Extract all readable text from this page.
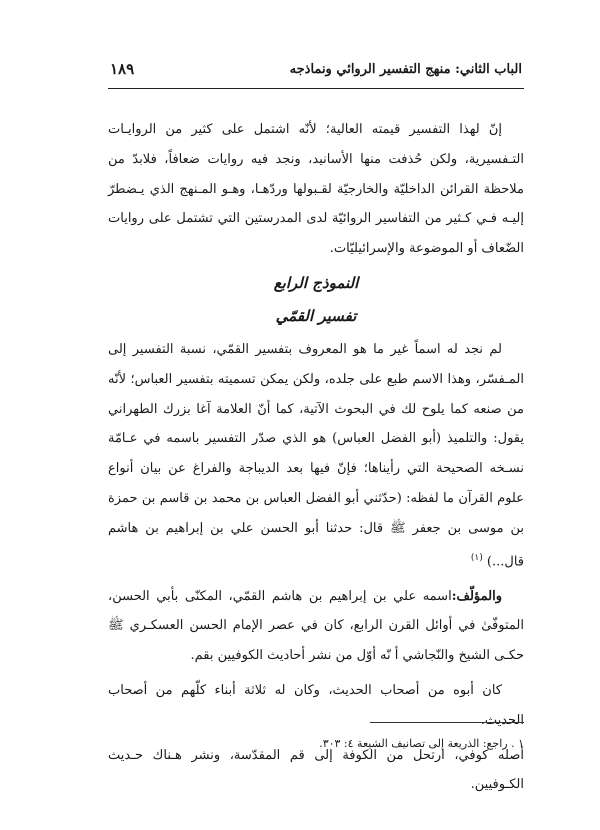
الباب الثاني: منهج التفسير الروائي ونماذجه
١٨٩

إنّ لهذا التفسير قيمته العالية؛ لأنّه اشتمل على كثير من الروايـات التـفسيرية، ولكن حُذفت منها الأسانيد، ونجد فيه روايات ضعافاً، فلابدّ من ملاحظة القرائن الداخليّة والخارجيّة لقـبولها وردّهـا، وهـو المـنهج الذي يـضطرّ إليـه فـي كـثير من التفاسير الروائيّة لدى المدرستين التي تشتمل على روايات الضّعاف أو الموضوعة والإسرائيليّات.

النموذج الرابع

تفسير القمّي

لم نجد له اسماً غير ما هو المعروف بتفسير القمّي، نسبة التفسير إلى المـفسّر، وهذا الاسم طبع على جلده، ولكن يمكن تسميته بتفسير العباس؛ لأنّه من صنعه كما يلوح لك في البحوث الآتية، كما أنّ العلامة آغا بزرك الطهراني يقول: والتلميذ (أبو الفضل العباس) هو الذي صدّر التفسير باسمه في عـامّة نسـخه الصحيحة التي رأيناها؛ فإنّ فيها بعد الديباجة والفراغ عن بيان أنواع علوم القرآن ما لفظه: (حدّثني أبو الفضل العباس بن محمد بن قاسم بن حمزة بن موسى بن جعفر ﷺ قال: حدثنا أبو الحسن علي بن إبراهيم بن هاشم قال...) $^{(١)}$

والمؤلّف:اسمه علي بن إبراهيم بن هاشم القمّي، المكنّى بأبي الحسن، المتوفّىٰ في أوائل القرن الرابع، كان في عصر الإمام الحسن العسكـري ﷺ حكـى الشيخ والنّجاشي أ نّه أوّل من نشر أحاديث الكوفيين بقم.

كان أبوه من أصحاب الحديث، وكان له ثلاثة أبناء كلّهم من أصحاب الحديث.

أصله كوفي، ارتحل من الكوفة إلى قم المقدّسة، ونشر هـناك حـديث الكـوفيين.

١ . راجع: الذريعة إلى تصانيف الشيعة ٤: ٣٠٣.
